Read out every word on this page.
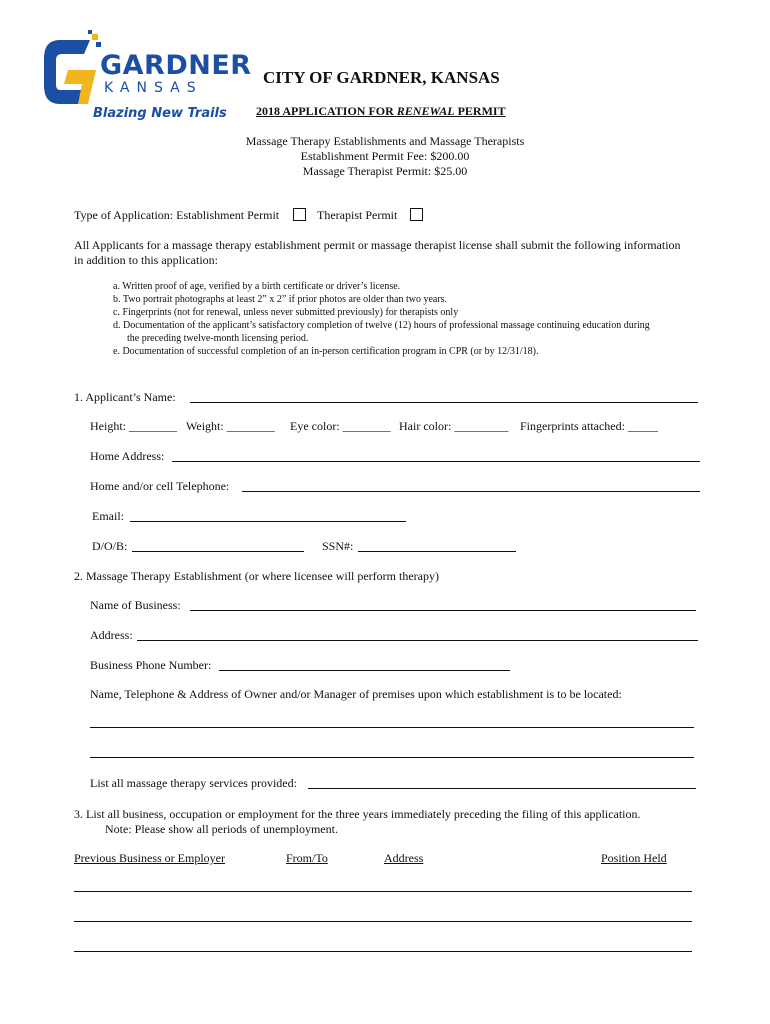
GARDNER
KANSAS
Blazing New Trails
CITY OF GARDNER, KANSAS
2018 APPLICATION FOR RENEWAL PERMIT
Massage Therapy Establishments and Massage Therapists
Establishment Permit Fee: $200.00
Massage Therapist Permit: $25.00
Type of Application: Establishment Permit	Therapist Permit
All Applicants for a massage therapy establishment permit or massage therapist license shall submit the following information
in addition to this application:
a. Written proof of age, verified by a birth certificate or driver’s license.
b. Two portrait photographs at least 2” x 2” if prior photos are older than two years.
c. Fingerprints (not for renewal, unless never submitted previously) for therapists only
d. Documentation of the applicant’s satisfactory completion of twelve (12) hours of professional massage continuing education during
the preceding twelve-month licensing period.
e. Documentation of successful completion of an in-person certification program in CPR (or by 12/31/18).
1. Applicant’s Name:
Height: ________ Weight: ________ Eye color: ________ Hair color: _________ Fingerprints attached: _____
Home Address:
Home and/or cell Telephone:
Email:
D/O/B:	SSN#:
2. Massage Therapy Establishment (or where licensee will perform therapy)
Name of Business:
Address:
Business Phone Number:
Name, Telephone & Address of Owner and/or Manager of premises upon which establishment is to be located:
List all massage therapy services provided:
3. List all business, occupation or employment for the three years immediately preceding the filing of this application.
Note: Please show all periods of unemployment.
Previous Business or Employer	From/To	Address	Position Held
